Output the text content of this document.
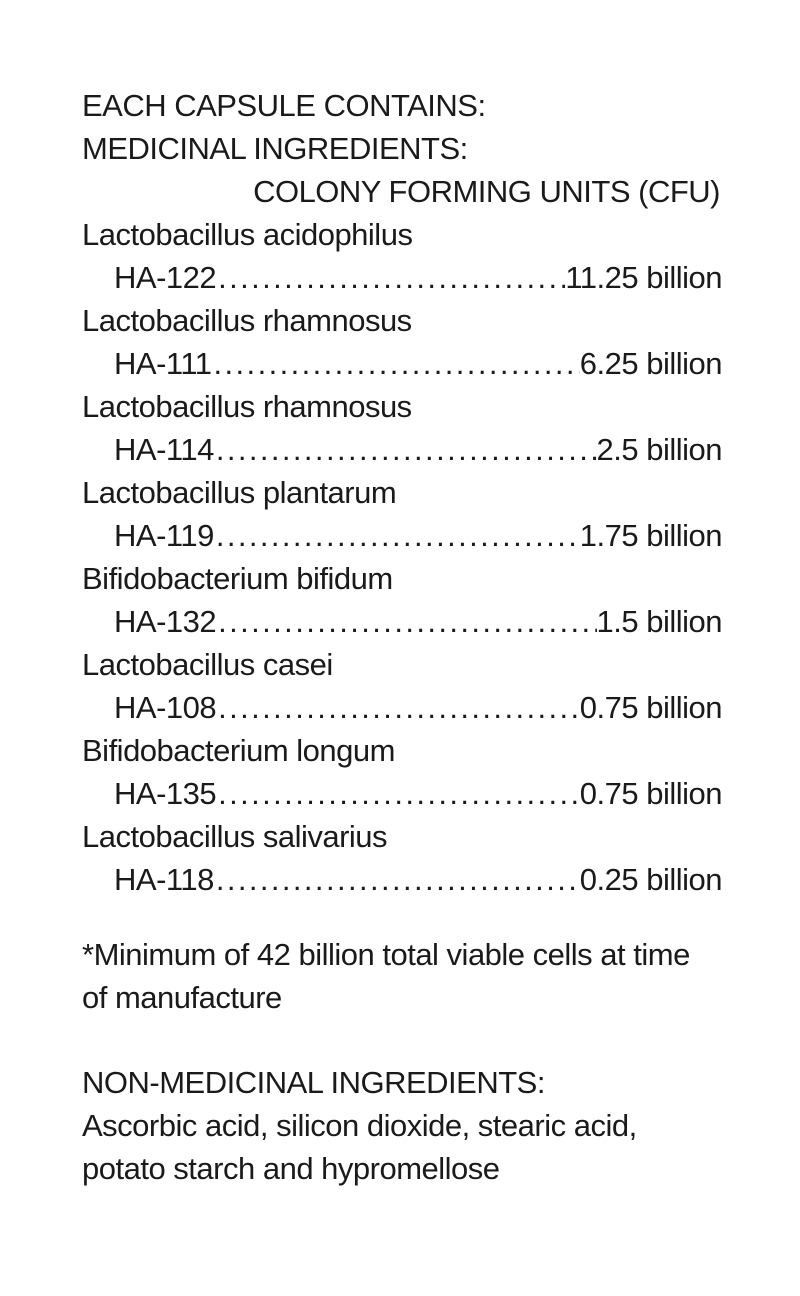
EACH CAPSULE CONTAINS:
MEDICINAL INGREDIENTS:
COLONY FORMING UNITS (CFU)
Lactobacillus acidophilus
HA-122 .....	11.25 billion
Lactobacillus rhamnosus
HA-111 .....	6.25 billion
Lactobacillus rhamnosus
HA-114 .....	2.5 billion
Lactobacillus plantarum
HA-119 .....	1.75 billion
Bifidobacterium bifidum
HA-132 .....	1.5 billion
Lactobacillus casei
HA-108 .....	0.75 billion
Bifidobacterium longum
HA-135 .....	0.75 billion
Lactobacillus salivarius
HA-118 .....	0.25 billion
*Minimum of 42 billion total viable cells at time of manufacture
NON-MEDICINAL INGREDIENTS:
Ascorbic acid, silicon dioxide, stearic acid, potato starch and hypromellose
